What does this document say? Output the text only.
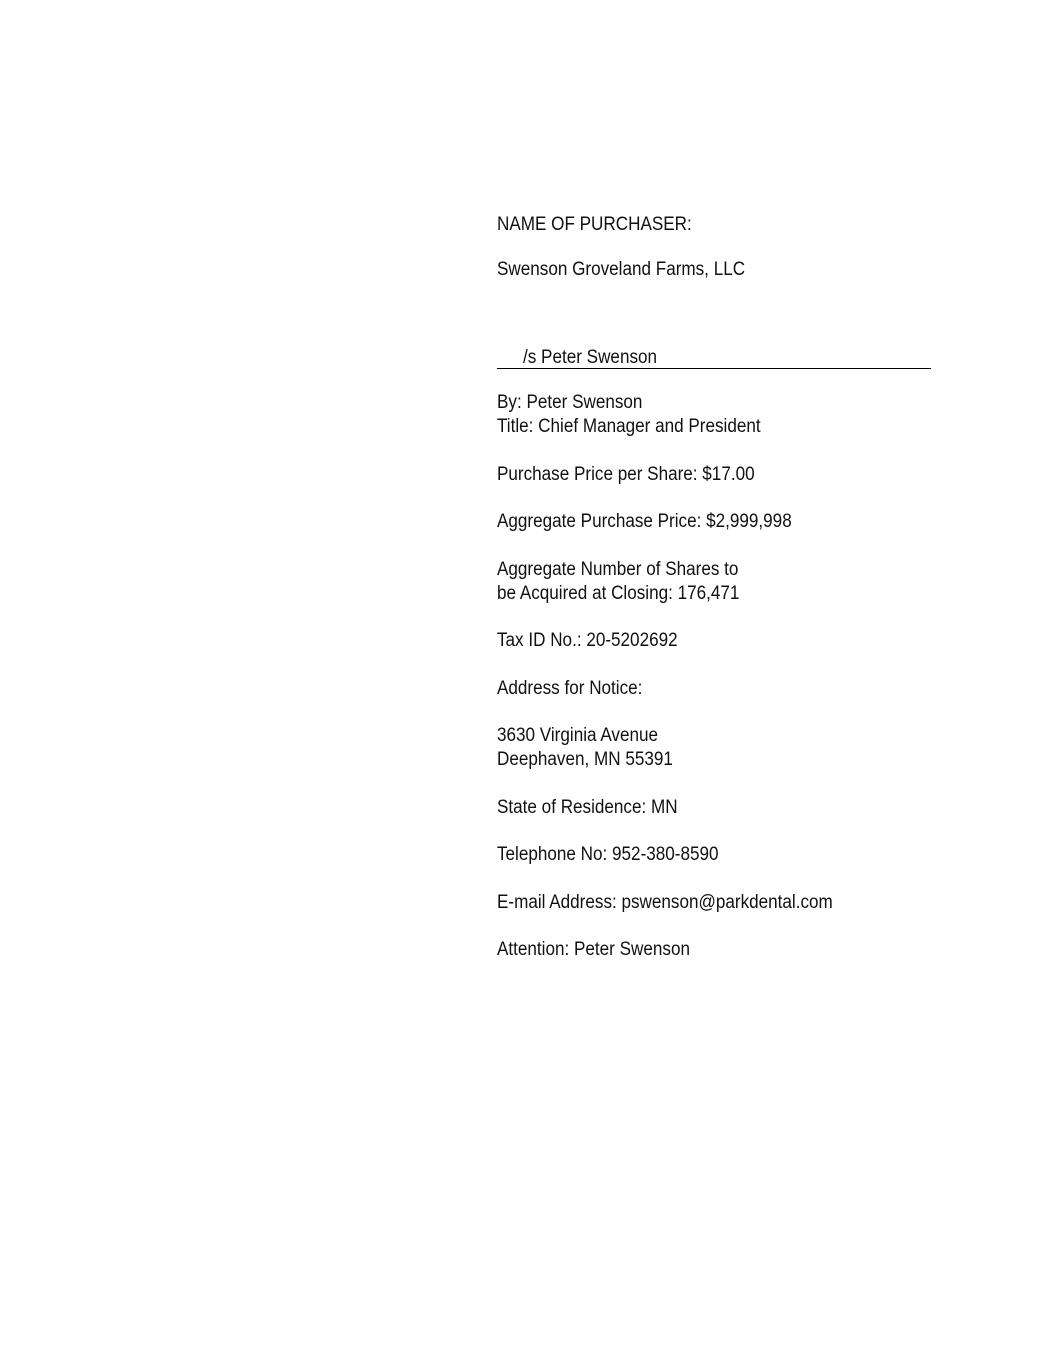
NAME OF PURCHASER:
Swenson Groveland Farms, LLC
/s Peter Swenson
By: Peter Swenson
Title: Chief Manager and President
Purchase Price per Share: $17.00
Aggregate Purchase Price: $2,999,998
Aggregate Number of Shares to
be Acquired at Closing: 176,471
Tax ID No.: 20-5202692
Address for Notice:
3630 Virginia Avenue
Deephaven, MN 55391
State of Residence: MN
Telephone No: 952-380-8590
E-mail Address: pswenson@parkdental.com
Attention: Peter Swenson
